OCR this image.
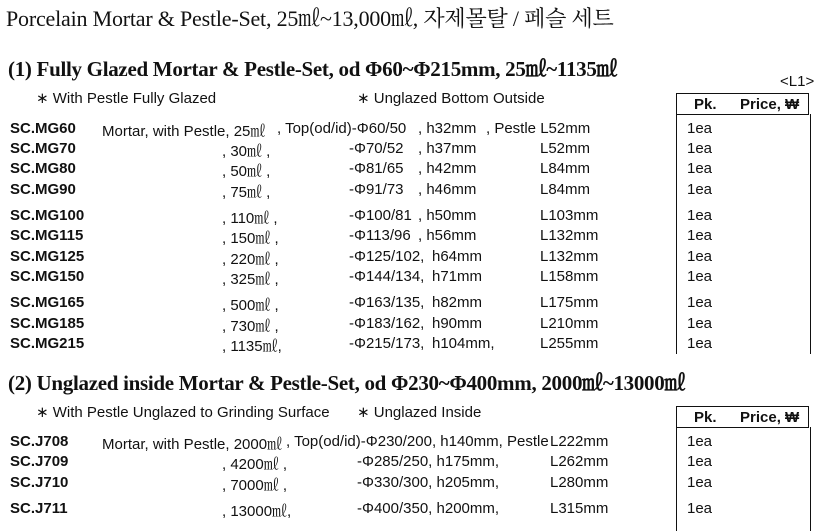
Porcelain Mortar & Pestle-Set, 25㎖~13,000㎖, 자제몰탈 / 페슬 세트
(1) Fully Glazed Mortar & Pestle-Set, od Φ60~Φ215mm, 25㎖~1135㎖
<L1>
∗ With Pestle Fully Glazed	∗ Unglazed Bottom Outside	Pk. Price, ₩
SC.MG60 Mortar, with Pestle, 25㎖ , Top(od/id)-Φ60/50 , h32mm , Pestle L52mm	1ea
SC.MG70	, 30㎖ ,	-Φ70/52 , h37mm	L52mm	1ea
SC.MG80	, 50㎖ ,	-Φ81/65 , h42mm	L84mm	1ea
SC.MG90	, 75㎖ ,	-Φ91/73 , h46mm	L84mm	1ea
SC.MG100	, 110㎖ ,	-Φ100/81 , h50mm	L103mm	1ea
SC.MG115	, 150㎖ ,	-Φ113/96 , h56mm	L132mm	1ea
SC.MG125	, 220㎖ ,	-Φ125/102, h64mm	L132mm	1ea
SC.MG150	, 325㎖ ,	-Φ144/134, h71mm	L158mm	1ea
SC.MG165	, 500㎖ ,	-Φ163/135, h82mm	L175mm	1ea
SC.MG185	, 730㎖ ,	-Φ183/162, h90mm	L210mm	1ea
SC.MG215	, 1135㎖,	-Φ215/173, h104mm,	L255mm	1ea
(2) Unglazed inside Mortar & Pestle-Set, od Φ230~Φ400mm, 2000㎖~13000㎖
∗ With Pestle Unglazed to Grinding Surface ∗ Unglazed Inside	Pk. Price, ₩
SC.J708 Mortar, with Pestle, 2000㎖ , Top(od/id)-Φ230/200, h140mm, Pestle L222mm	1ea
SC.J709	, 4200㎖ ,	-Φ285/250, h175mm,	L262mm	1ea
SC.J710	, 7000㎖ ,	-Φ330/300, h205mm,	L280mm	1ea
SC.J711	, 13000㎖,	-Φ400/350, h200mm,	L315mm	1ea
